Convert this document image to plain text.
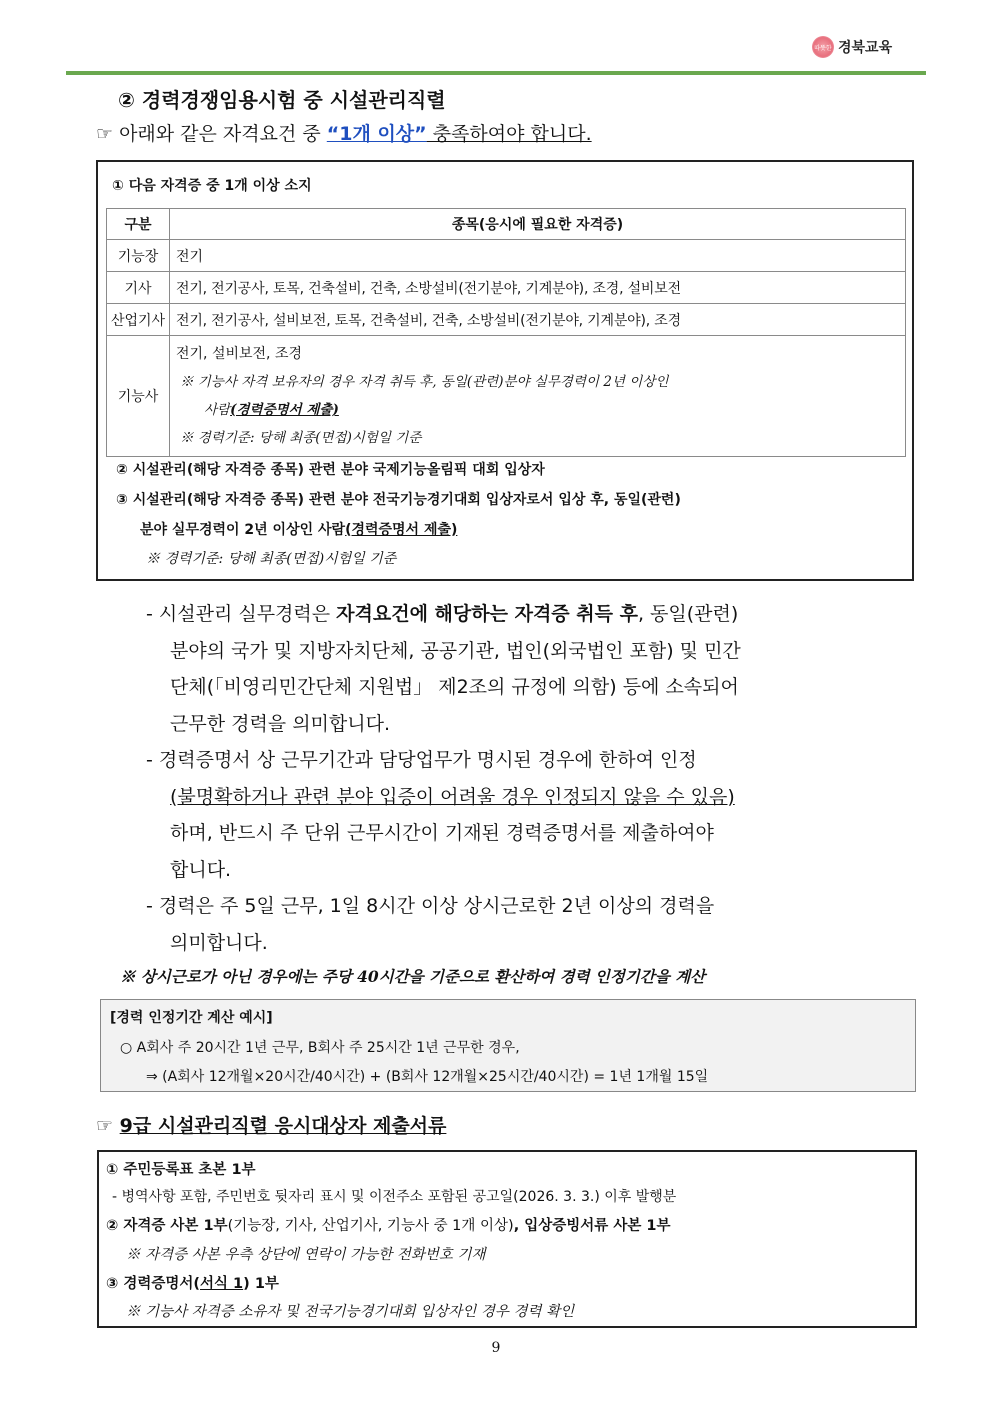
따뜻한 경북교육
② 경력경쟁임용시험 중 시설관리직렬
☞ 아래와 같은 자격요건 중 “1개 이상” 충족하여야 합니다.
① 다음 자격증 중 1개 이상 소지
구분	종목(응시에 필요한 자격증)
기능장	전기
기사	전기, 전기공사, 토목, 건축설비, 건축, 소방설비(전기분야, 기계분야), 조경, 설비보전
산업기사	전기, 전기공사, 설비보전, 토목, 건축설비, 건축, 소방설비(전기분야, 기계분야), 조경
기능사	전기, 설비보전, 조경
※ 기능사 자격 보유자의 경우 자격 취득 후, 동일(관련)분야 실무경력이 2년 이상인
사람(경력증명서 제출)
※ 경력기준: 당해 최종(면접)시험일 기준
② 시설관리(해당 자격증 종목) 관련 분야 국제기능올림픽 대회 입상자
③ 시설관리(해당 자격증 종목) 관련 분야 전국기능경기대회 입상자로서 입상 후, 동일(관련)
분야 실무경력이 2년 이상인 사람(경력증명서 제출)
※ 경력기준: 당해 최종(면접)시험일 기준
- 시설관리 실무경력은 자격요건에 해당하는 자격증 취득 후, 동일(관련)
분야의 국가 및 지방자치단체, 공공기관, 법인(외국법인 포함) 및 민간
단체(「비영리민간단체 지원법」 제2조의 규정에 의함) 등에 소속되어
근무한 경력을 의미합니다.
- 경력증명서 상 근무기간과 담당업무가 명시된 경우에 한하여 인정
(불명확하거나 관련 분야 입증이 어려울 경우 인정되지 않을 수 있음)
하며, 반드시 주 단위 근무시간이 기재된 경력증명서를 제출하여야
합니다.
- 경력은 주 5일 근무, 1일 8시간 이상 상시근로한 2년 이상의 경력을
의미합니다.
※ 상시근로가 아닌 경우에는 주당 40시간을 기준으로 환산하여 경력 인정기간을 계산
[경력 인정기간 계산 예시]
○ A회사 주 20시간 1년 근무, B회사 주 25시간 1년 근무한 경우,
⇒ (A회사 12개월×20시간/40시간) + (B회사 12개월×25시간/40시간) = 1년 1개월 15일
☞ 9급 시설관리직렬 응시대상자 제출서류
① 주민등록표 초본 1부
- 병역사항 포함, 주민번호 뒷자리 표시 및 이전주소 포함된 공고일(2026. 3. 3.) 이후 발행분
② 자격증 사본 1부(기능장, 기사, 산업기사, 기능사 중 1개 이상), 입상증빙서류 사본 1부
※ 자격증 사본 우측 상단에 연락이 가능한 전화번호 기재
③ 경력증명서(서식 1) 1부
※ 기능사 자격증 소유자 및 전국기능경기대회 입상자인 경우 경력 확인
9
